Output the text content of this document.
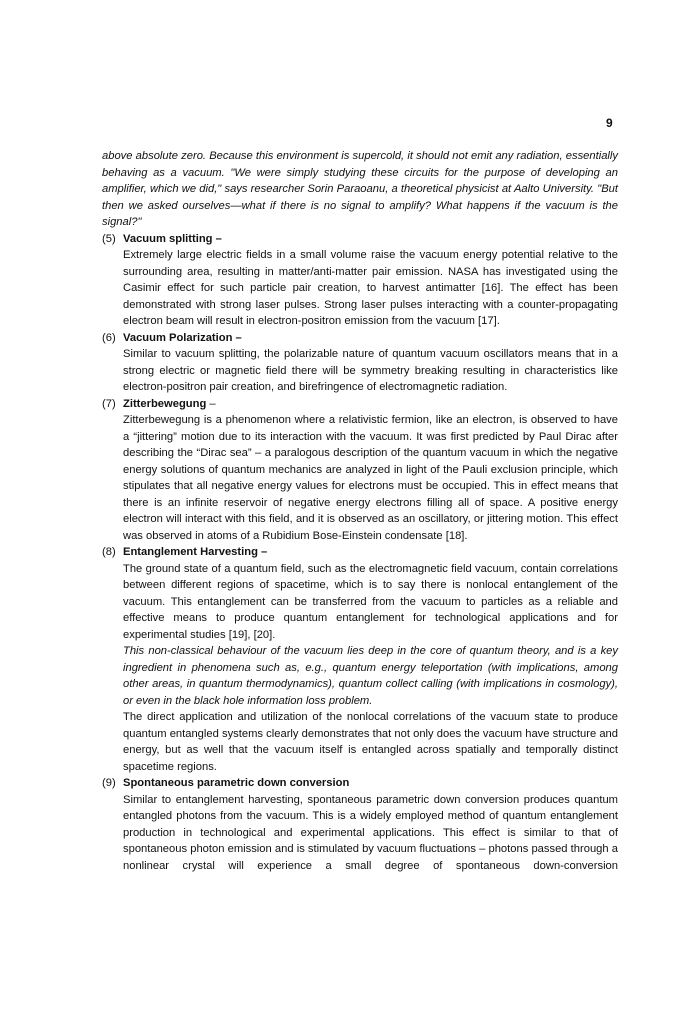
9

above absolute zero. Because this environment is supercold, it should not emit any radiation, essentially behaving as a vacuum. "We were simply studying these circuits for the purpose of developing an amplifier, which we did," says researcher Sorin Paraoanu, a theoretical physicist at Aalto University. "But then we asked ourselves—what if there is no signal to amplify? What happens if the vacuum is the signal?"

(5) Vacuum splitting –

Extremely large electric fields in a small volume raise the vacuum energy potential relative to the surrounding area, resulting in matter/anti-matter pair emission. NASA has investigated using the Casimir effect for such particle pair creation, to harvest antimatter [16]. The effect has been demonstrated with strong laser pulses. Strong laser pulses interacting with a counter-propagating electron beam will result in electron-positron emission from the vacuum [17].

(6) Vacuum Polarization –

Similar to vacuum splitting, the polarizable nature of quantum vacuum oscillators means that in a strong electric or magnetic field there will be symmetry breaking resulting in characteristics like electron-positron pair creation, and birefringence of electromagnetic radiation.

(7) Zitterbewegung –

Zitterbewegung is a phenomenon where a relativistic fermion, like an electron, is observed to have a “jittering” motion due to its interaction with the vacuum. It was first predicted by Paul Dirac after describing the “Dirac sea” – a paralogous description of the quantum vacuum in which the negative energy solutions of quantum mechanics are analyzed in light of the Pauli exclusion principle, which stipulates that all negative energy values for electrons must be occupied. This in effect means that there is an infinite reservoir of negative energy electrons filling all of space. A positive energy electron will interact with this field, and it is observed as an oscillatory, or jittering motion. This effect was observed in atoms of a Rubidium Bose-Einstein condensate [18].

(8) Entanglement Harvesting –

The ground state of a quantum field, such as the electromagnetic field vacuum, contain correlations between different regions of spacetime, which is to say there is nonlocal entanglement of the vacuum. This entanglement can be transferred from the vacuum to particles as a reliable and effective means to produce quantum entanglement for technological applications and for experimental studies [19], [20].

This non-classical behaviour of the vacuum lies deep in the core of quantum theory, and is a key ingredient in phenomena such as, e.g., quantum energy teleportation (with implications, among other areas, in quantum thermodynamics), quantum collect calling (with implications in cosmology), or even in the black hole information loss problem.

The direct application and utilization of the nonlocal correlations of the vacuum state to produce quantum entangled systems clearly demonstrates that not only does the vacuum have structure and energy, but as well that the vacuum itself is entangled across spatially and temporally distinct spacetime regions.

(9) Spontaneous parametric down conversion

Similar to entanglement harvesting, spontaneous parametric down conversion produces quantum entangled photons from the vacuum. This is a widely employed method of quantum entanglement production in technological and experimental applications. This effect is similar to that of spontaneous photon emission and is stimulated by vacuum fluctuations – photons passed through a nonlinear crystal will experience a small degree of spontaneous down-conversion
